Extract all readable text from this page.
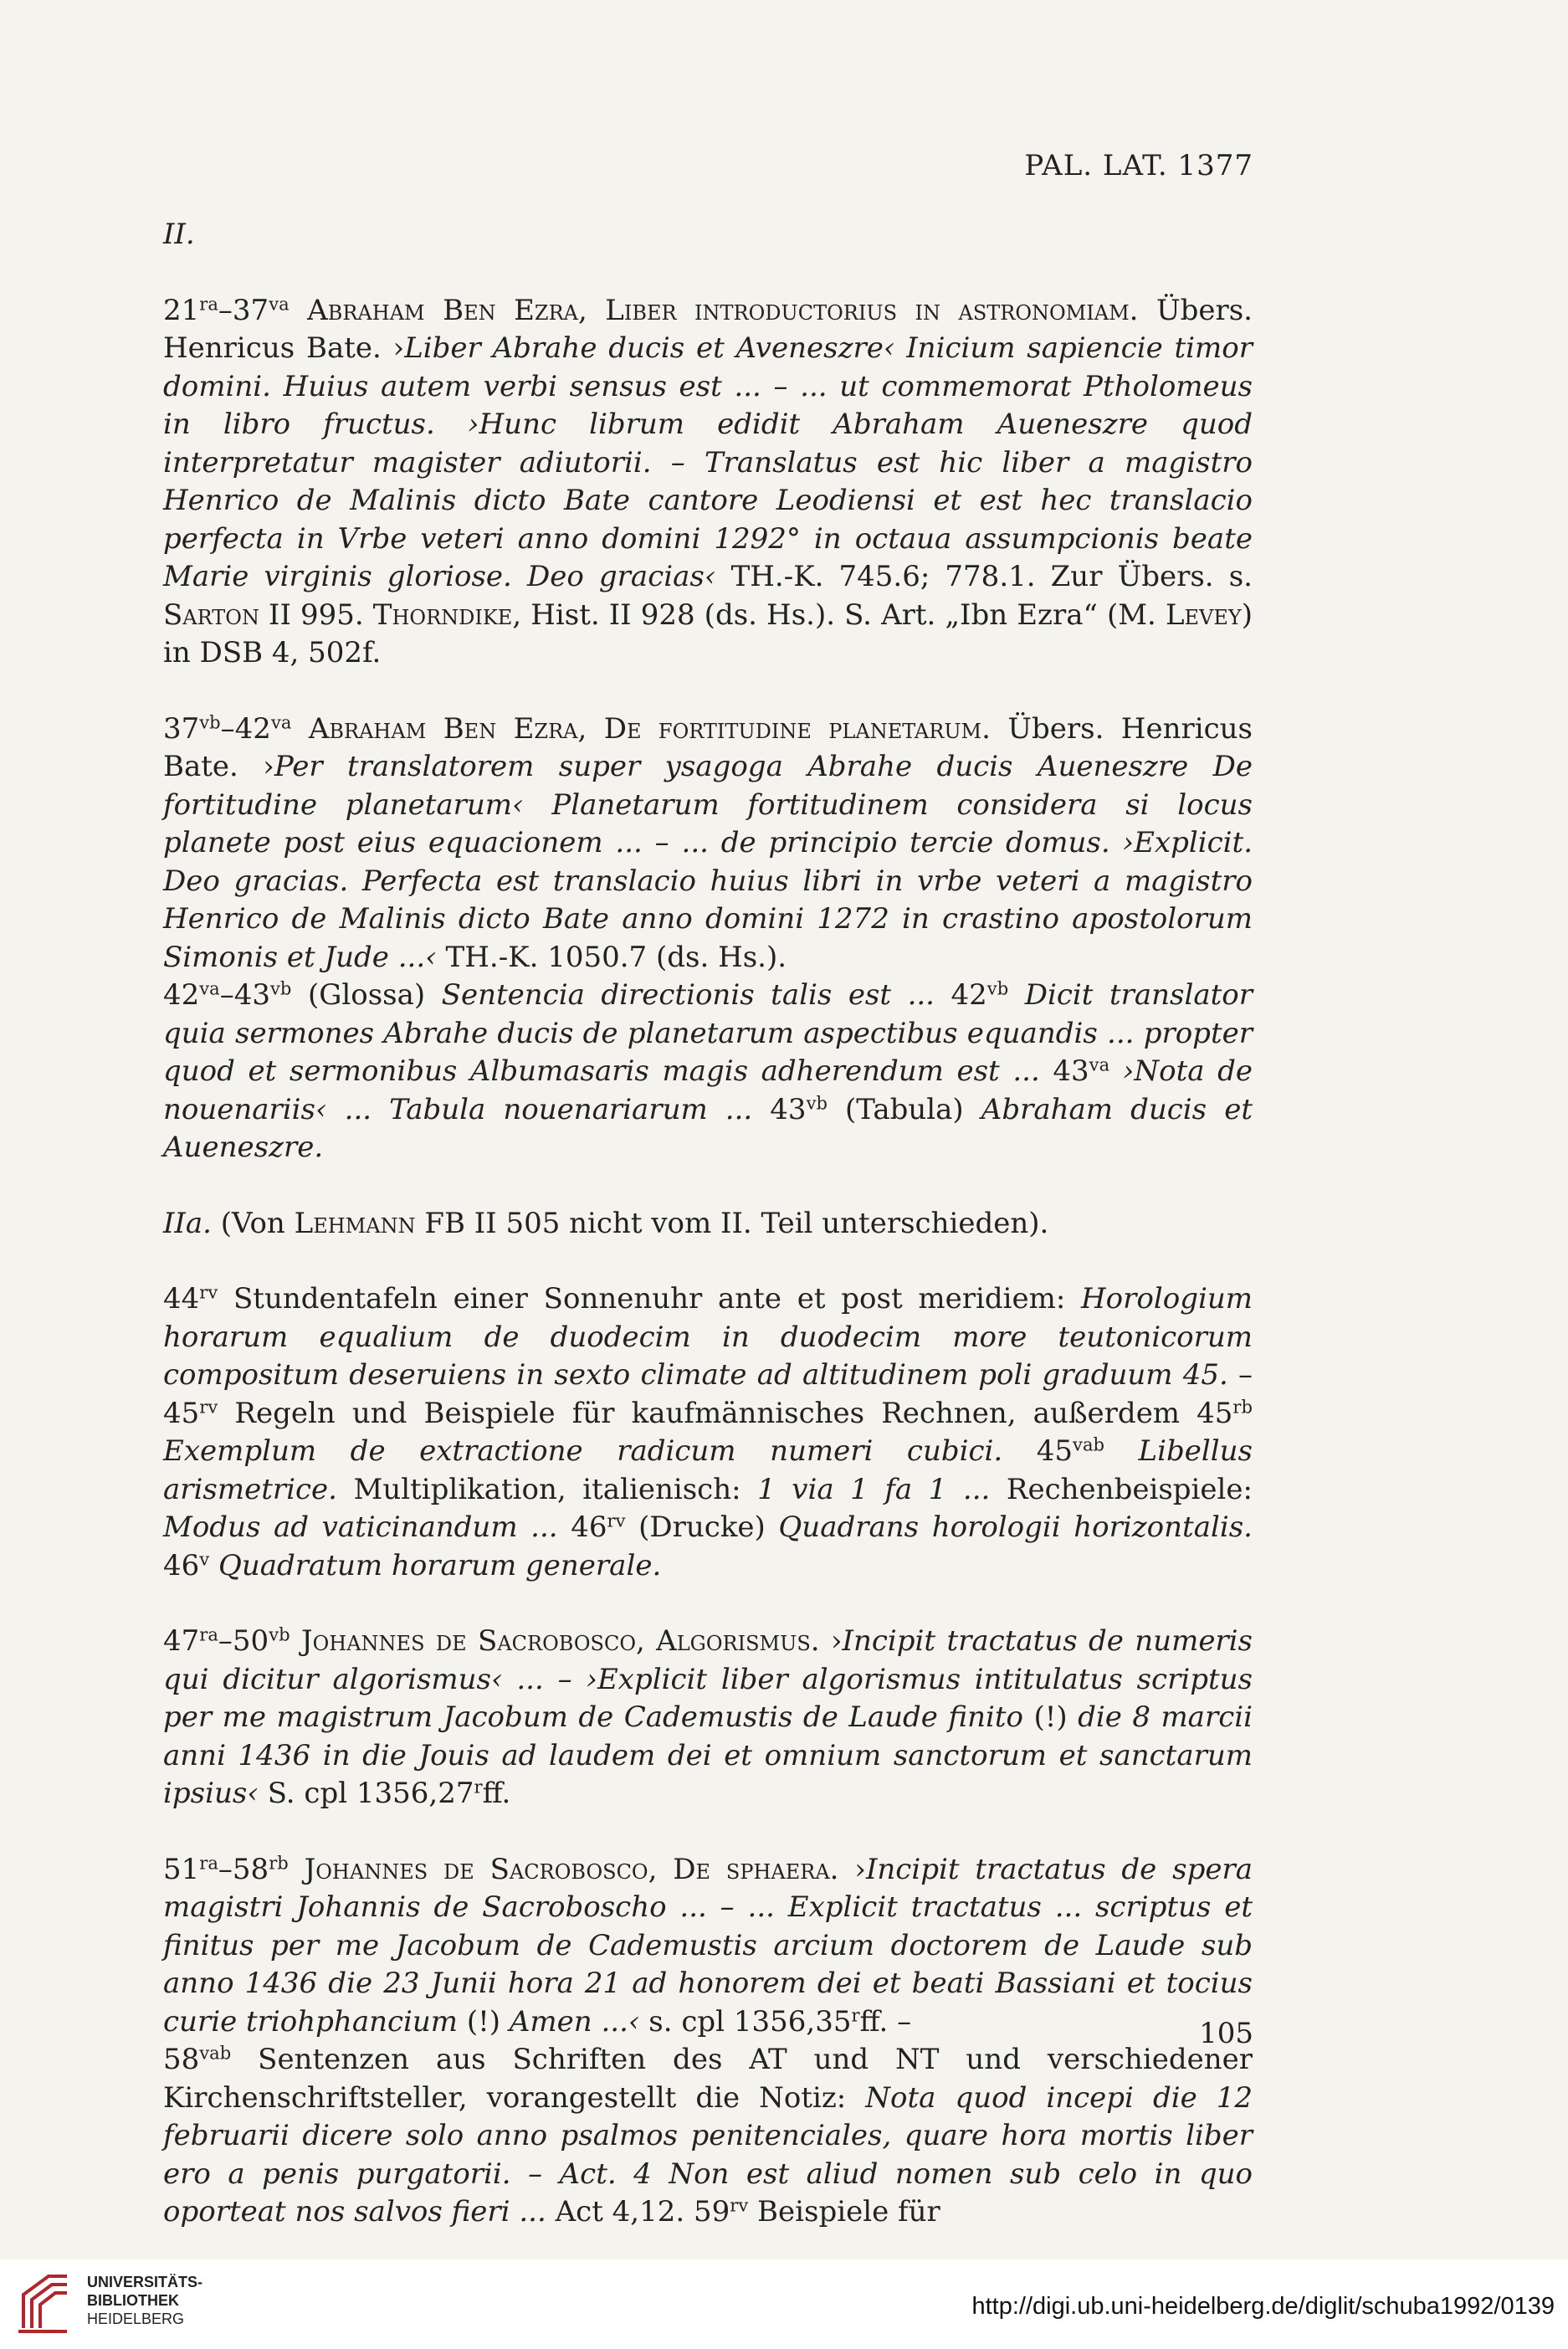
PAL. LAT. 1377

II.

$21^{ra}-37^{va}$ Abraham Ben Ezra, Liber introductorius in astronomiam. Übers. Henricus Bate. ›Liber Abrahe ducis et Aveneszre‹ Inicium sapiencie timor domini. Huius autem verbi sensus est ... – ... ut commemorat Ptholomeus in libro fructus. ›Hunc librum edidit Abraham Aueneszre quod interpretatur magister adiutorii. – Translatus est hic liber a magistro Henrico de Malinis dicto Bate cantore Leodiensi et est hec translacio perfecta in Vrbe veteri anno domini 1292° in octaua assumpcionis beate Marie virginis gloriose. Deo gracias‹ TH.-K. 745.6; 778.1. Zur Übers. s. Sarton II 995. Thorndike, Hist. II 928 (ds. Hs.). S. Art. „Ibn Ezra“ (M. Levey) in DSB 4, 502f.

$37^{vb}-42^{va}$ Abraham Ben Ezra, De fortitudine planetarum. Übers. Henricus Bate. ›Per translatorem super ysagoga Abrahe ducis Aueneszre De fortitudine planetarum‹ Planetarum fortitudinem considera si locus planete post eius equacionem ... – ... de principio tercie domus. ›Explicit. Deo gracias. Perfecta est translacio huius libri in vrbe veteri a magistro Henrico de Malinis dicto Bate anno domini 1272 in crastino apostolorum Simonis et Jude ...‹ TH.-K. 1050.7 (ds. Hs.).

$42^{va}-43^{vb}$ (Glossa) Sentencia directionis talis est ... $42^{vb}$ Dicit translator quia sermones Abrahe ducis de planetarum aspectibus equandis ... propter quod et sermonibus Albumasaris magis adherendum est ... $43^{va}$ ›Nota de nouenariis‹ ... Tabula nouenariarum ... $43^{vb}$ (Tabula) Abraham ducis et Aueneszre.

IIa. (Von Lehmann FB II 505 nicht vom II. Teil unterschieden).

$44^{rv}$ Stundentafeln einer Sonnenuhr ante et post meridiem: Horologium horarum equalium de duodecim in duodecim more teutonicorum compositum deseruiens in sexto climate ad altitudinem poli graduum 45. – $45^{rv}$ Regeln und Beispiele für kaufmännisches Rechnen, außerdem $45^{rb}$ Exemplum de extractione radicum numeri cubici. $45^{vab}$ Libellus arismetrice. Multiplikation, italienisch: 1 via 1 fa 1 ... Rechenbeispiele: Modus ad vaticinandum ... $46^{rv}$ (Drucke) Quadrans horologii horizontalis. 46$^v$ Quadratum horarum generale.

$47^{ra}-50^{vb}$ Johannes de Sacrobosco, Algorismus. ›Incipit tractatus de numeris qui dicitur algorismus‹ ... – ›Explicit liber algorismus intitulatus scriptus per me magistrum Jacobum de Cademustis de Laude finito (!) die 8 marcii anni 1436 in die Jouis ad laudem dei et omnium sanctorum et sanctarum ipsius‹ S. cpl 1356,27$^r$ff.

$51^{ra}-58^{rb}$ Johannes de Sacrobosco, De sphaera. ›Incipit tractatus de spera magistri Johannis de Sacroboscho ... – ... Explicit tractatus ... scriptus et finitus per me Jacobum de Cademustis arcium doctorem de Laude sub anno 1436 die 23 Junii hora 21 ad honorem dei et beati Bassiani et tocius curie triohphancium (!) Amen ...‹ s. cpl 1356,35$^r$ff. –

$58^{vab}$ Sentenzen aus Schriften des AT und NT und verschiedener Kirchenschriftsteller, vorangestellt die Notiz: Nota quod incepi die 12 februarii dicere solo anno psalmos penitenciales, quare hora mortis liber ero a penis purgatorii. – Act. 4 Non est aliud nomen sub celo in quo oporteat nos salvos fieri ... Act 4,12. $59^{rv}$ Beispiele für

105
UNIVERSITÄTS-
BIBLIOTHEK
HEIDELBERG	http://digi.ub.uni-heidelberg.de/diglit/schuba1992/0139
